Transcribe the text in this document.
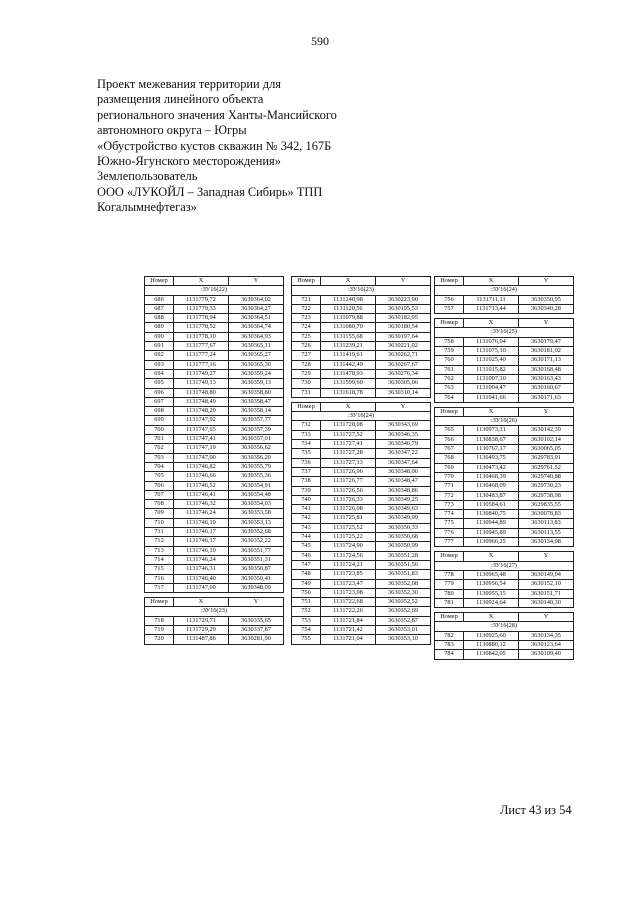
590
Проект межевания территории для
размещения линейного объекта
регионального значения Ханты-Мансийского
автономного округа – Югры
«Обустройство кустов скважин № 342, 167Б
Южно-Ягунского месторождения»
Землепользователь
ООО «ЛУКОЙЛ – Западная Сибирь» ТПП
Когалымнефтегаз»
Номер	X	Y
:ЗУ16(22)		
686	1131779,72	3630364,02
687	1131779,33	3630364,27
688	1131778,94	3630364,51
689	1131778,52	3630364,74
690	1131778,10	3630364,93
691	1131777,67	3630365,11
692	1131777,24	3630365,27
693	1131777,16	3630365,30
694	1131749,27	3630359,24
695	1131749,13	3630359,13
696	1131748,80	3630358,80
697	1131748,49	3630358,47
698	1131748,20	3630358,14
699	1131747,92	3630357,77
700	1131747,65	3630357,39
701	1131747,41	3630357,01
702	1131747,19	3630356,62
703	1131747,00	3630356,20
704	1131746,82	3630355,79
705	1131746,66	3630355,36
706	1131746,52	3630354,91
707	1131746,41	3630354,48
708	1131746,32	3630354,03
709	1131746,24	3630353,58
710	1131746,19	3630353,13
711	1131746,17	3630352,68
712	1131746,17	3630352,22
713	1131746,19	3630351,77
714	1131746,24	3630351,31
715	1131746,31	3630350,87
716	1131746,40	3630350,41
717	1131747,00	3630348,09

Номер	X	Y
:ЗУ16(23)		
718	1131729,71	3630335,65
719	1131729,29	3630337,87
720	1131487,86	3630281,90
Номер	X	Y
:ЗУ16(23)		
721	1131240,98	3630223,90
722	1131120,56	3630195,53
723	1131079,88	3630182,95
724	1131080,70	3630180,54
725	1131155,68	3630197,64
726	1131239,21	3630221,02
727	1131419,61	3630262,71
728	1131442,49	3630267,67
729	1131478,93	3630276,34
730	1131599,60	3630305,06
731	1131618,78	3630310,14

Номер	X	Y
:ЗУ16(24)		
732	1131728,08	3630343,69
733	1131727,52	3630346,35
734	1131727,41	3630346,79
735	1131727,28	3630347,22
736	1131727,13	3630347,64
737	1131726,96	3630348,06
738	1131726,77	3630348,47
739	1131726,56	3630348,86
740	1131726,33	3630349,25
741	1131726,08	3630349,63
742	1131725,81	3630349,99
743	1131725,52	3630350,33
744	1131725,22	3630350,68
745	1131724,90	3630350,99
746	1131724,56	3630351,28
747	1131724,21	3630351,56
748	1131723,85	3630351,83
749	1131723,47	3630352,08
750	1131723,08	3630352,30
751	1131722,68	3630352,52
752	1131722,26	3630352,69
753	1131721,84	3630352,87
754	1131721,42	3630353,01
755	1131721,04	3630353,10
Номер	X	Y
:ЗУ16(24)		
756	1131711,11	3630350,95
757	1131713,44	3630340,28

Номер	X	Y
:ЗУ16(25)		
758	1131076,04	3630179,47
759	1131075,10	3630181,92
760	1131025,40	3630171,13
761	1131015,82	3630168,48
762	1131007,10	3630163,43
763	1131004,47	3630160,67
764	1131041,66	3630171,63

Номер	X	Y
:ЗУ16(26)		
765	1130973,31	3630142,39
766	1130838,67	3630102,14
767	1130767,17	3630065,05
768	1130493,75	3629783,91
769	1130473,42	3629761,52
770	1130468,39	3629740,88
771	1130468,09	3629730,23
772	1130483,87	3629738,98
773	1130584,61	3629835,55
774	1130840,75	3630078,83
775	1130944,89	3630113,83
776	1130945,89	3630113,55
777	1130966,25	3630134,98

Номер	X	Y
:ЗУ16(27)		
778	1130965,48	3630149,94
779	1130956,54	3630152,10
780	1130955,15	3630151,71
781	1130924,64	3630140,30

Номер	X	Y
:ЗУ16(28)		
782	1130925,60	3630134,35
783	1130880,12	3630123,64
784	1130842,05	3630109,40
Лист 43 из 54
